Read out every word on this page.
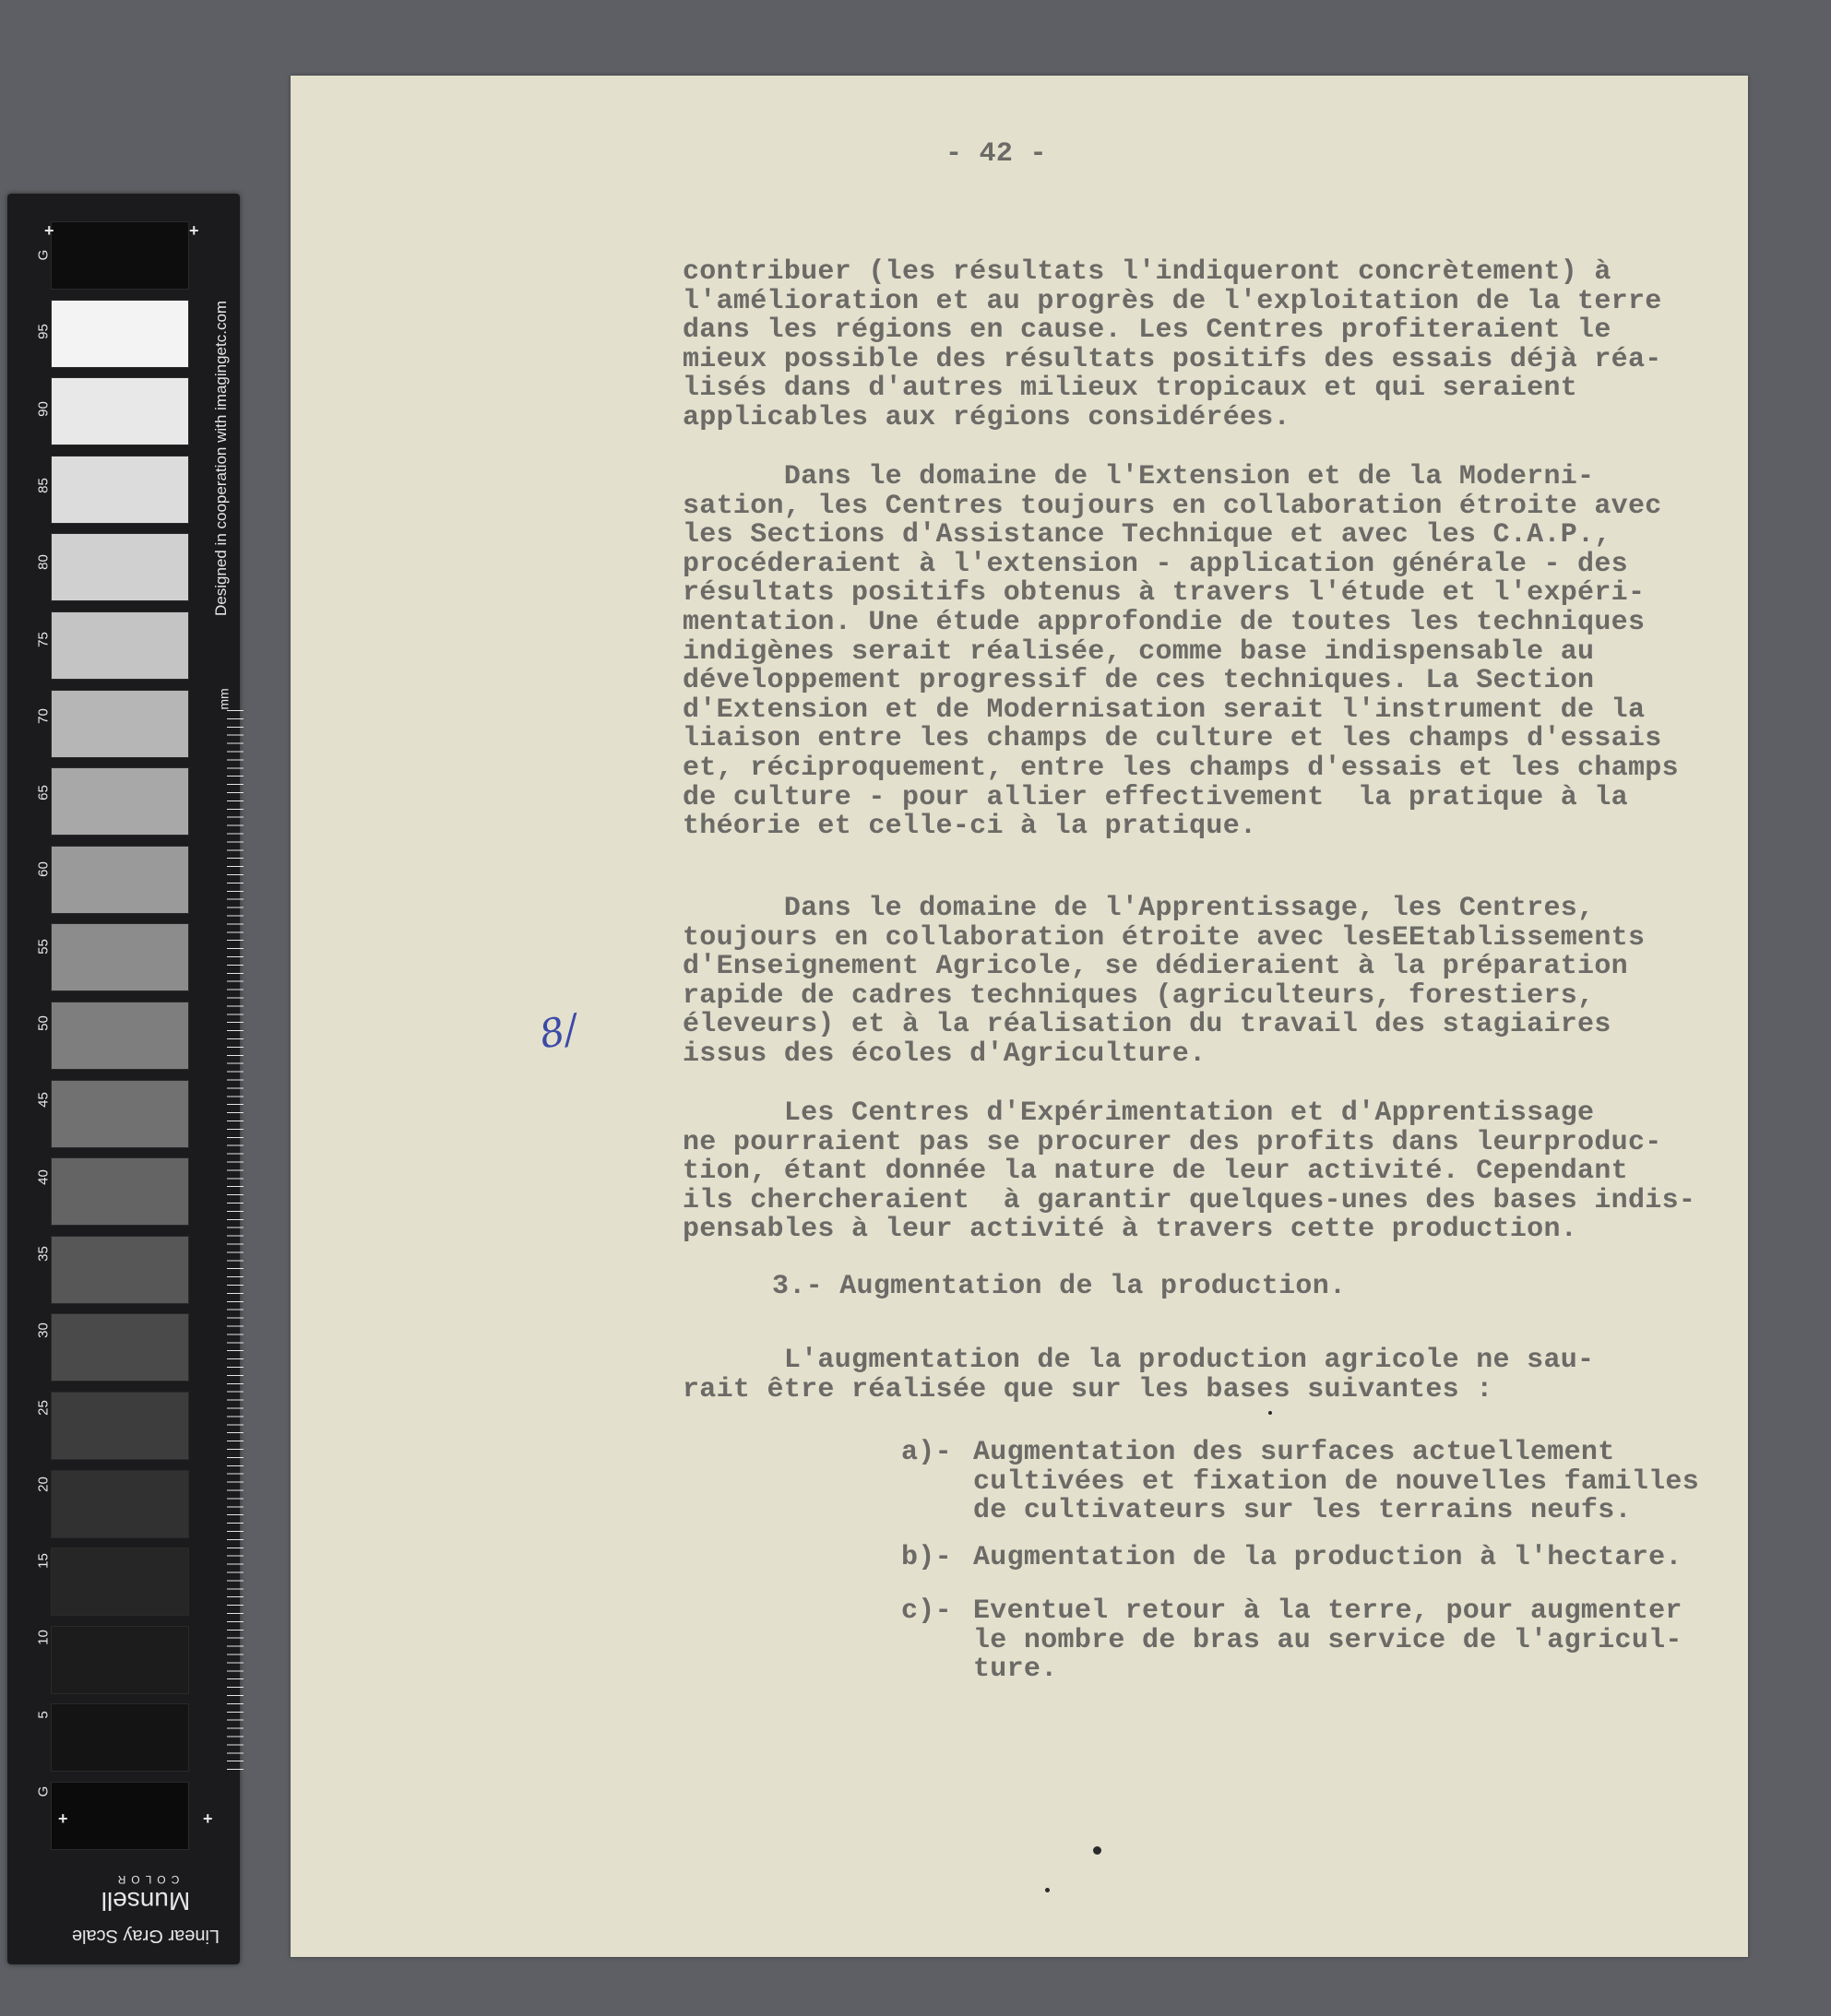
G
95
90
85
80
75
70
65
60
55
50
45
40
35
30
25
20
15
10
5
G
+	+
+	+
Designed in cooperation with imagingetc.com
mm
Linear Gray Scale
Munsell
COLOR
- 42 -
contribuer (les résultats l'indiqueront concrètement) à
l'amélioration et au progrès de l'exploitation de la terre
dans les régions en cause. Les Centres profiteraient le
mieux possible des résultats positifs des essais déjà réa-
lisés dans d'autres milieux tropicaux et qui seraient
applicables aux régions considérées.
Dans le domaine de l'Extension et de la Moderni-
sation, les Centres toujours en collaboration étroite avec
les Sections d'Assistance Technique et avec les C.A.P.,
procéderaient à l'extension - application générale - des
résultats positifs obtenus à travers l'étude et l'expéri-
mentation. Une étude approfondie de toutes les techniques
indigènes serait réalisée, comme base indispensable au
développement progressif de ces techniques. La Section
d'Extension et de Modernisation serait l'instrument de la
liaison entre les champs de culture et les champs d'essais
et, réciproquement, entre les champs d'essais et les champs
de culture - pour allier effectivement  la pratique à la
théorie et celle-ci à la pratique.
Dans le domaine de l'Apprentissage, les Centres,
toujours en collaboration étroite avec lesEEtablissements
d'Enseignement Agricole, se dédieraient à la préparation
rapide de cadres techniques (agriculteurs, forestiers,
éleveurs) et à la réalisation du travail des stagiaires
issus des écoles d'Agriculture.
Les Centres d'Expérimentation et d'Apprentissage
ne pourraient pas se procurer des profits dans leurproduc-
tion, étant donnée la nature de leur activité. Cependant
ils chercheraient  à garantir quelques-unes des bases indis-
pensables à leur activité à travers cette production.
3.- Augmentation de la production.
L'augmentation de la production agricole ne sau-
rait être réalisée que sur les bases suivantes :
a)- Augmentation des surfaces actuellement
cultivées et fixation de nouvelles familles
de cultivateurs sur les terrains neufs.
b)- Augmentation de la production à l'hectare.
c)- Eventuel retour à la terre, pour augmenter
le nombre de bras au service de l'agricul-
ture.
8/
